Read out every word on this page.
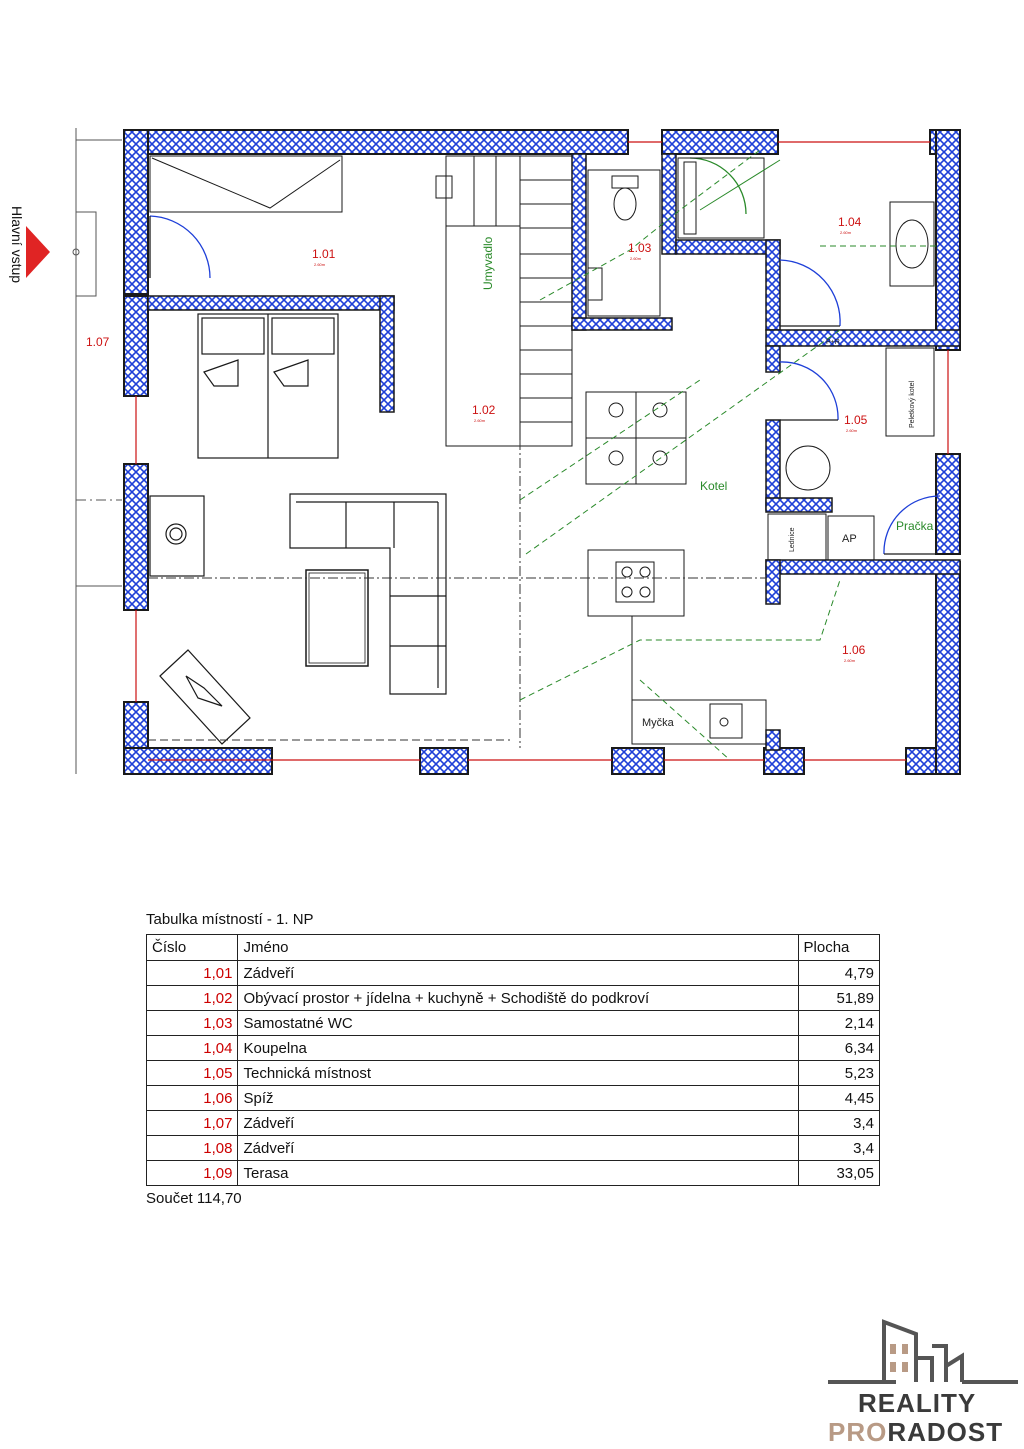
Hlavní vstup	1.01
2.60m
1.02
2.60m
1.03
2.60m
1.04
2.60m
1.05
2.60m
1.06
2.60m
1.07
Umyvadlo
Kotel
Pračka
Peletkový kotel
AP
Lednice
Myčka
P+R
Tabulka místností - 1. NP
Číslo	Jméno	Plocha
1,01	Zádveří	4,79
1,02	Obývací prostor + jídelna + kuchyně + Schodiště do podkroví	51,89
1,03	Samostatné WC	2,14
1,04	Koupelna	6,34
1,05	Technická místnost	5,23
1,06	Spíž	4,45
1,07	Zádveří	3,4
1,08	Zádveří	3,4
1,09	Terasa	33,05
Součet 114,70
REALITY
PRORADOST
